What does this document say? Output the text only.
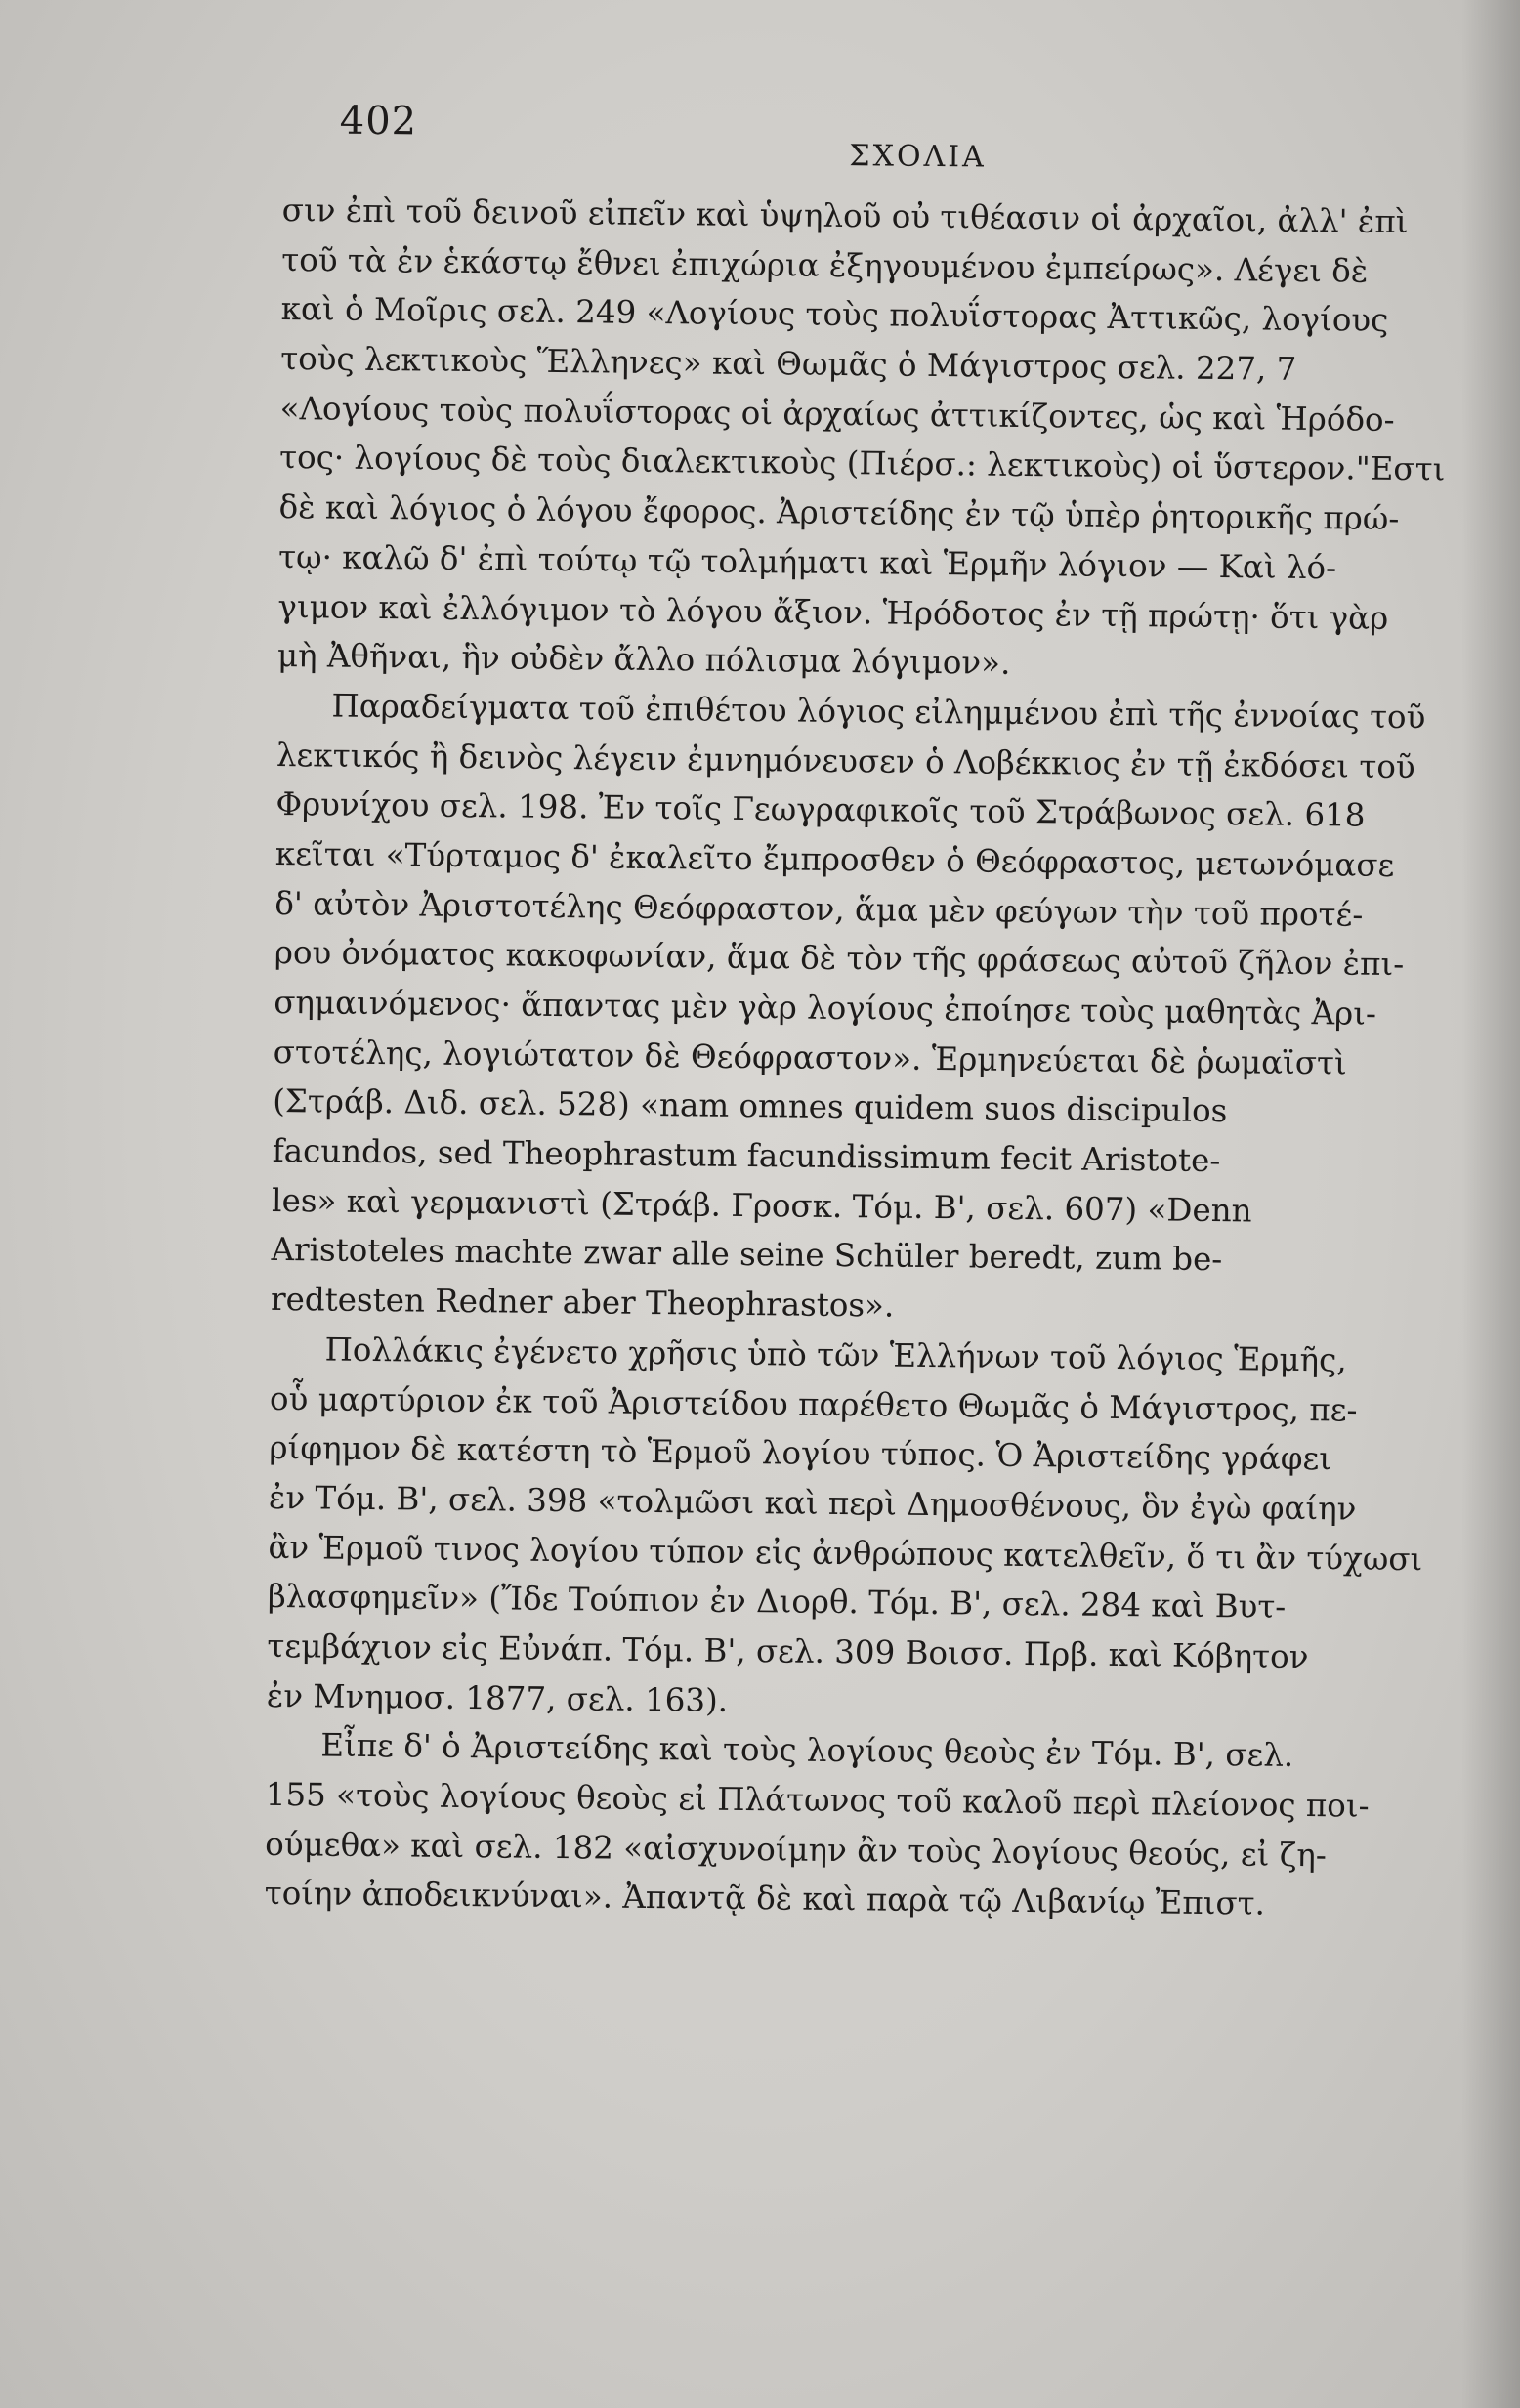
402
ΣΧΟΛΙΑ
σιν ἐπὶ τοῦ δεινοῦ εἰπεῖν καὶ ὑψηλοῦ οὐ τιθέασιν οἱ ἀρχαῖοι, ἀλλ' ἐπὶ
τοῦ τὰ ἐν ἑκάστῳ ἔθνει ἐπιχώρια ἐξηγουμένου ἐμπείρως». Λέγει δὲ
καὶ ὁ Μοῖρις σελ. 249 «Λογίους τοὺς πολυΐστορας Ἀττικῶς, λογίους
τοὺς λεκτικοὺς Ἕλληνες» καὶ Θωμᾶς ὁ Μάγιστρος σελ. 227, 7
«Λογίους τοὺς πολυΐστορας οἱ ἀρχαίως ἀττικίζοντες, ὡς καὶ Ἡρόδο-
τος· λογίους δὲ τοὺς διαλεκτικοὺς (Πιέρσ.: λεκτικοὺς) οἱ ὕστερον."Εστι
δὲ καὶ λόγιος ὁ λόγου ἔφορος. Ἀριστείδης ἐν τῷ ὑπὲρ ῥητορικῆς πρώ-
τῳ· καλῶ δ' ἐπὶ τούτῳ τῷ τολμήματι καὶ Ἑρμῆν λόγιον — Καὶ λό-
γιμον καὶ ἐλλόγιμον τὸ λόγου ἄξιον. Ἡρόδοτος ἐν τῇ πρώτῃ· ὅτι γὰρ
μὴ Ἀθῆναι, ἣν οὐδὲν ἄλλο πόλισμα λόγιμον».
Παραδείγματα τοῦ ἐπιθέτου λόγιος εἰλημμένου ἐπὶ τῆς ἐννοίας τοῦ
λεκτικός ἢ δεινὸς λέγειν ἐμνημόνευσεν ὁ Λοβέκκιος ἐν τῇ ἐκδόσει τοῦ
Φρυνίχου σελ. 198. Ἐν τοῖς Γεωγραφικοῖς τοῦ Στράβωνος σελ. 618
κεῖται «Τύρταμος δ' ἐκαλεῖτο ἔμπροσθεν ὁ Θεόφραστος, μετωνόμασε
δ' αὐτὸν Ἀριστοτέλης Θεόφραστον, ἅμα μὲν φεύγων τὴν τοῦ προτέ-
ρου ὀνόματος κακοφωνίαν, ἅμα δὲ τὸν τῆς φράσεως αὐτοῦ ζῆλον ἐπι-
σημαινόμενος· ἅπαντας μὲν γὰρ λογίους ἐποίησε τοὺς μαθητὰς Ἀρι-
στοτέλης, λογιώτατον δὲ Θεόφραστον». Ἑρμηνεύεται δὲ ῥωμαϊστὶ
(Στράβ. Διδ. σελ. 528) «nam omnes quidem suos discipulos
facundos, sed Theophrastum facundissimum fecit Aristote-
les» καὶ γερμανιστὶ (Στράβ. Γροσκ. Τόμ. Β', σελ. 607) «Denn
Aristoteles machte zwar alle seine Schüler beredt, zum be-
redtesten Redner aber Theophrastos».
Πολλάκις ἐγένετο χρῆσις ὑπὸ τῶν Ἑλλήνων τοῦ λόγιος Ἑρμῆς,
οὗ μαρτύριον ἐκ τοῦ Ἀριστείδου παρέθετο Θωμᾶς ὁ Μάγιστρος, πε-
ρίφημον δὲ κατέστη τὸ Ἑρμοῦ λογίου τύπος. Ὁ Ἀριστείδης γράφει
ἐν Τόμ. Β', σελ. 398 «τολμῶσι καὶ περὶ Δημοσθένους, ὃν ἐγὼ φαίην
ἂν Ἑρμοῦ τινος λογίου τύπον εἰς ἀνθρώπους κατελθεῖν, ὅ τι ἂν τύχωσι
βλασφημεῖν» (Ἴδε Τούπιον ἐν Διορθ. Τόμ. Β', σελ. 284 καὶ Βυτ-
τεμβάχιον εἰς Εὐνάπ. Τόμ. Β', σελ. 309 Βοισσ. Πρβ. καὶ Κόβητον
ἐν Μνημοσ. 1877, σελ. 163).
Εἶπε δ' ὁ Ἀριστείδης καὶ τοὺς λογίους θεοὺς ἐν Τόμ. Β', σελ.
155 «τοὺς λογίους θεοὺς εἰ Πλάτωνος τοῦ καλοῦ περὶ πλείονος ποι-
ούμεθα» καὶ σελ. 182 «αἰσχυνοίμην ἂν τοὺς λογίους θεούς, εἰ ζη-
τοίην ἀποδεικνύναι». Ἀπαντᾷ δὲ καὶ παρὰ τῷ Λιβανίῳ Ἐπιστ.
